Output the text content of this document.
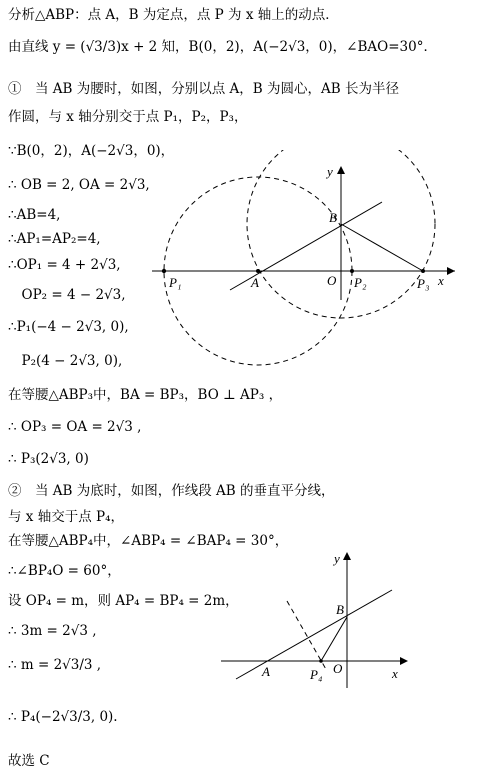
分析△ABP：点 A，B 为定点，点 P 为 x 轴上的动点．
由直线 y = (√3/3)x + 2 知，B(0，2)，A(−2√3，0)，∠BAO=30°．
①　当 AB 为腰时，如图，分别以点 A，B 为圆心，AB 长为半径
作圆，与 x 轴分别交于点 P₁，P₂，P₃，
∵B(0，2)，A(−2√3，0)，
∴ OB = 2, OA = 2√3,
∴AB=4,
∴AP₁=AP₂=4,
∴OP₁ = 4 + 2√3,
　OP₂ = 4 − 2√3,
∴P₁(−4 − 2√3, 0),
　P₂(4 − 2√3, 0),
在等腰△ABP₃中，BA = BP₃，BO ⊥ AP₃ ，
∴ OP₃ = OA = 2√3 ,
∴ P₃(2√3, 0)
②　当 AB 为底时，如图，作线段 AB 的垂直平分线，
与 x 轴交于点 P₄，
在等腰△ABP₄中，∠ABP₄ = ∠BAP₄ = 30°，
∴∠BP₄O = 60°，
设 OP₄ = m，则 AP₄ = BP₄ = 2m，
∴ 3m = 2√3 ,
∴ m = 2√3/3 ,
∴ P₄(−2√3/3, 0).
故选 C
y
B
P₁	A	O P₂	P₃ x
y
B
A	P₄ O	x
